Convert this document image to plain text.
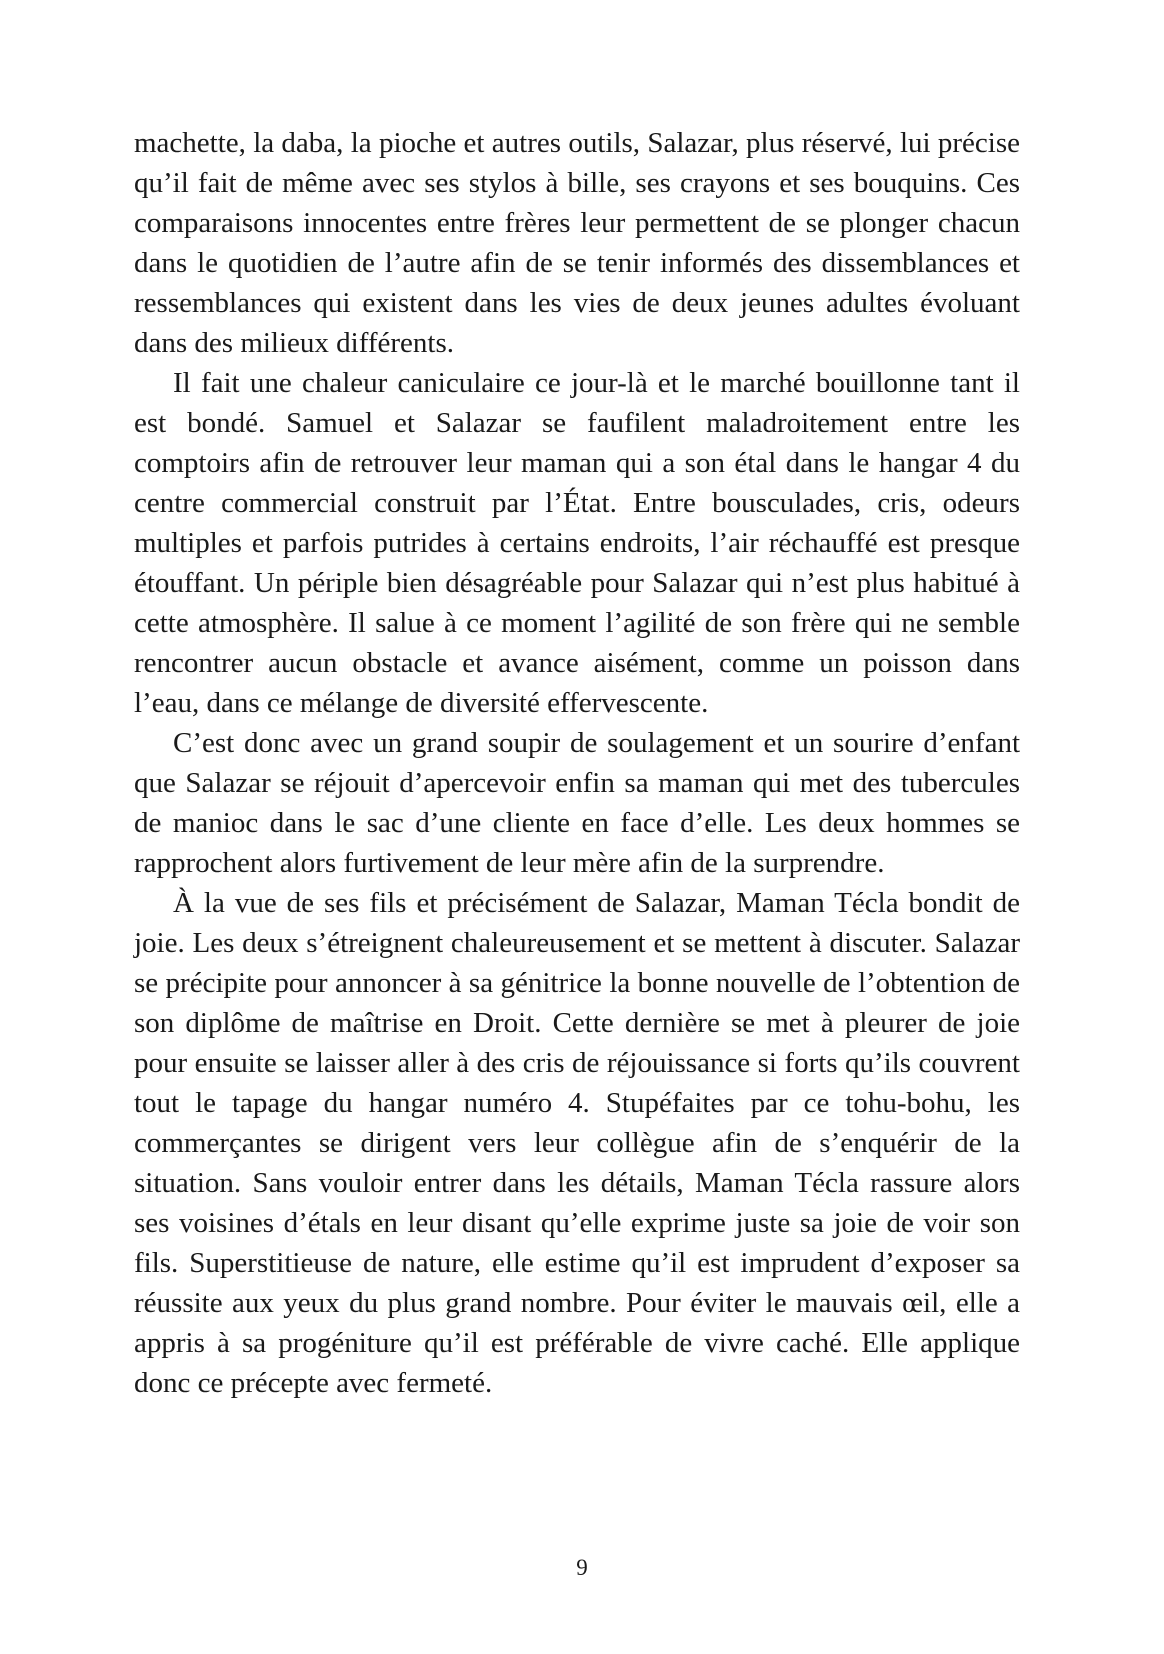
machette, la daba, la pioche et autres outils, Salazar, plus réservé, lui précise qu’il fait de même avec ses stylos à bille, ses crayons et ses bouquins. Ces comparaisons innocentes entre frères leur permettent de se plonger chacun dans le quotidien de l’autre afin de se tenir informés des dissemblances et ressemblances qui existent dans les vies de deux jeunes adultes évoluant dans des milieux différents.

Il fait une chaleur caniculaire ce jour-là et le marché bouillonne tant il est bondé. Samuel et Salazar se faufilent maladroitement entre les comptoirs afin de retrouver leur maman qui a son étal dans le hangar 4 du centre commercial construit par l’État. Entre bousculades, cris, odeurs multiples et parfois putrides à certains endroits, l’air réchauffé est presque étouffant. Un périple bien désagréable pour Salazar qui n’est plus habitué à cette atmosphère. Il salue à ce moment l’agilité de son frère qui ne semble rencontrer aucun obstacle et avance aisément, comme un poisson dans l’eau, dans ce mélange de diversité effervescente.

C’est donc avec un grand soupir de soulagement et un sourire d’enfant que Salazar se réjouit d’apercevoir enfin sa maman qui met des tubercules de manioc dans le sac d’une cliente en face d’elle. Les deux hommes se rapprochent alors furtivement de leur mère afin de la surprendre.

À la vue de ses fils et précisément de Salazar, Maman Técla bondit de joie. Les deux s’étreignent chaleureusement et se mettent à discuter. Salazar se précipite pour annoncer à sa génitrice la bonne nouvelle de l’obtention de son diplôme de maîtrise en Droit. Cette dernière se met à pleurer de joie pour ensuite se laisser aller à des cris de réjouissance si forts qu’ils couvrent tout le tapage du hangar numéro 4. Stupéfaites par ce tohu-bohu, les commerçantes se dirigent vers leur collègue afin de s’enquérir de la situation. Sans vouloir entrer dans les détails, Maman Técla rassure alors ses voisines d’étals en leur disant qu’elle exprime juste sa joie de voir son fils. Superstitieuse de nature, elle estime qu’il est imprudent d’exposer sa réussite aux yeux du plus grand nombre. Pour éviter le mauvais œil, elle a appris à sa progéniture qu’il est préférable de vivre caché. Elle applique donc ce précepte avec fermeté.

9
